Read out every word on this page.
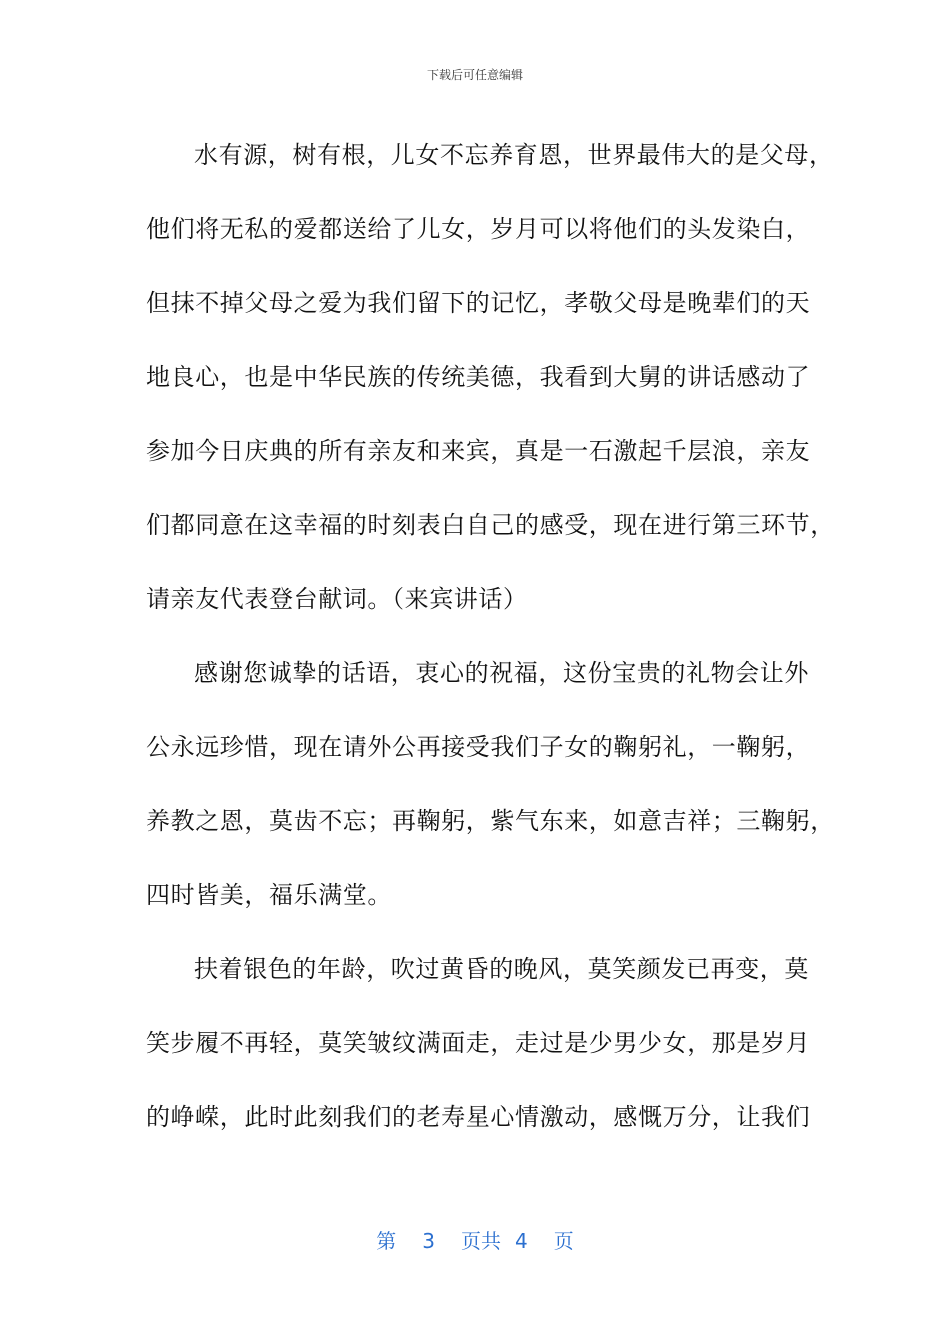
下载后可任意编辑
水有源，树有根，儿女不忘养育恩，世界最伟大的是父母，
他们将无私的爱都送给了儿女，岁月可以将他们的头发染白，
但抹不掉父母之爱为我们留下的记忆，孝敬父母是晚辈们的天
地良心，也是中华民族的传统美德，我看到大舅的讲话感动了
参加今日庆典的所有亲友和来宾，真是一石激起千层浪，亲友
们都同意在这幸福的时刻表白自己的感受，现在进行第三环节，
请亲友代表登台献词。（来宾讲话）
感谢您诚挚的话语，衷心的祝福，这份宝贵的礼物会让外
公永远珍惜，现在请外公再接受我们子女的鞠躬礼，一鞠躬，
养教之恩，莫齿不忘；再鞠躬，紫气东来，如意吉祥；三鞠躬，
四时皆美，福乐满堂。
扶着银色的年龄，吹过黄昏的晚风，莫笑颜发已再变，莫
笑步履不再轻，莫笑皱纹满面走，走过是少男少女，那是岁月
的峥嵘，此时此刻我们的老寿星心情激动，感慨万分，让我们
第 3 页共 4 页
